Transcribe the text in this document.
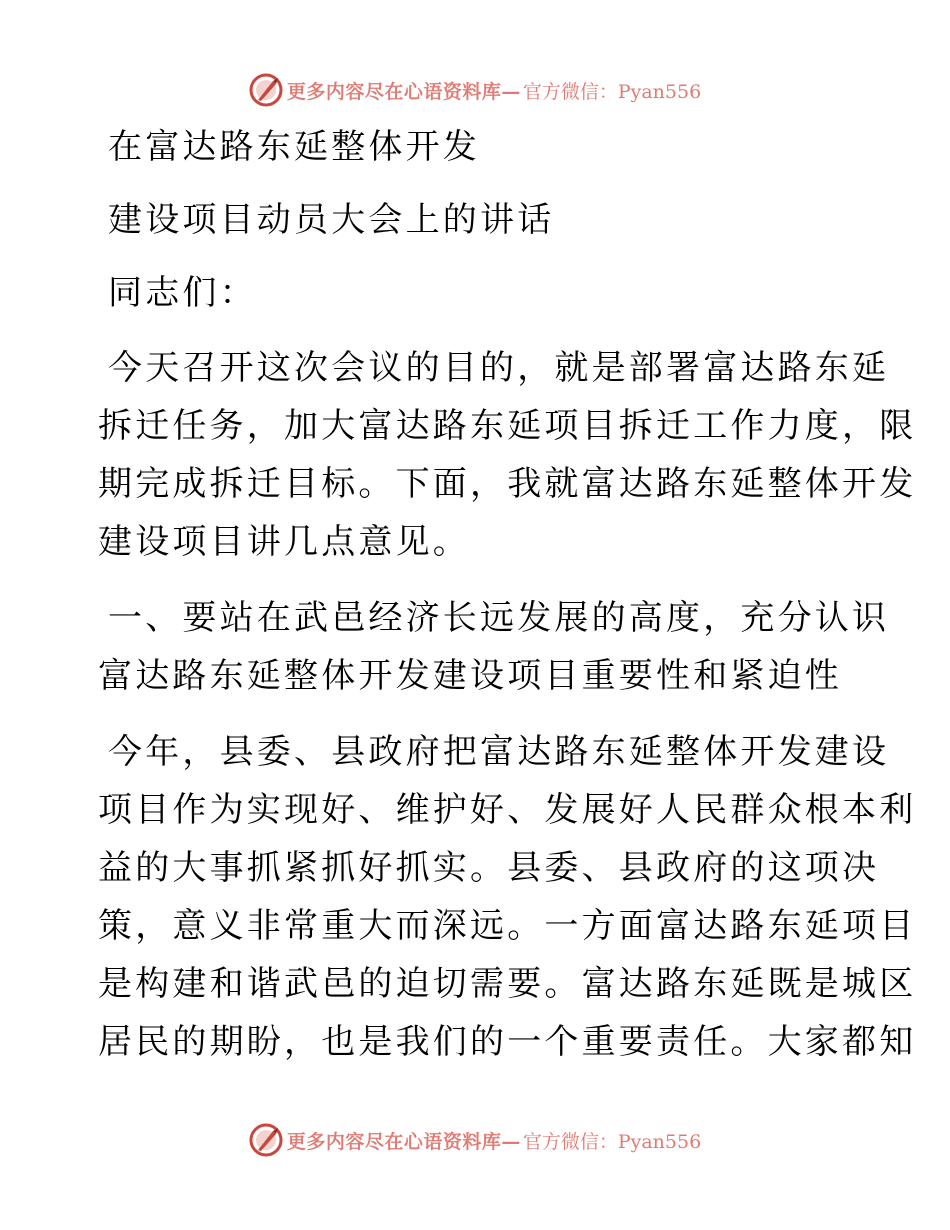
更多内容尽在心语资料库— 官方微信：Pyan556
在富达路东延整体开发
建设项目动员大会上的讲话
同志们：
今天召开这次会议的目的，就是部署富达路东延
拆迁任务，加大富达路东延项目拆迁工作力度，限
期完成拆迁目标。下面，我就富达路东延整体开发
建设项目讲几点意见。
一、要站在武邑经济长远发展的高度，充分认识
富达路东延整体开发建设项目重要性和紧迫性
今年，县委、县政府把富达路东延整体开发建设
项目作为实现好、维护好、发展好人民群众根本利
益的大事抓紧抓好抓实。县委、县政府的这项决
策，意义非常重大而深远。一方面富达路东延项目
是构建和谐武邑的迫切需要。富达路东延既是城区
居民的期盼，也是我们的一个重要责任。大家都知
更多内容尽在心语资料库— 官方微信：Pyan556
